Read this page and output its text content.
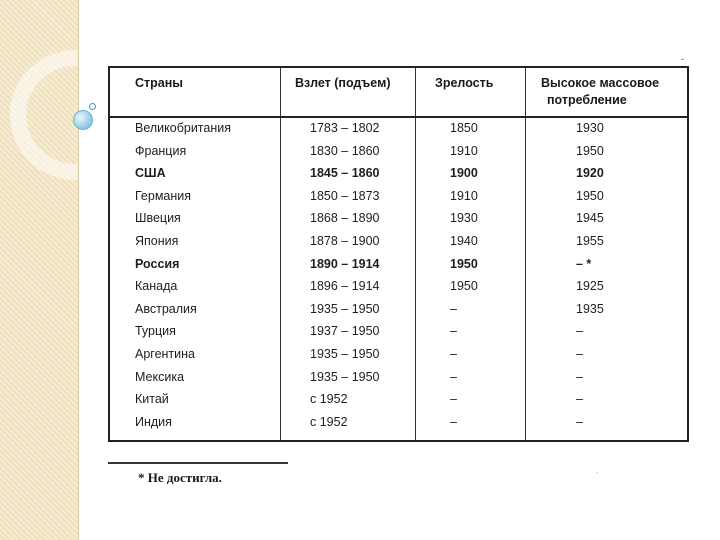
-
.
Страны	Взлет (подъем)	Зрелость	Высокое массовое
потребление
Великобритания	1783 – 1802	1850	1930
Франция	1830 – 1860	1910	1950
США	1845 – 1860	1900	1920
Германия	1850 – 1873	1910	1950
Швеция	1868 – 1890	1930	1945
Япония	1878 – 1900	1940	1955
Россия	1890 – 1914	1950	– *
Канада	1896 – 1914	1950	1925
Австралия	1935 – 1950	–	1935
Турция	1937 – 1950	–	–
Аргентина	1935 – 1950	–	–
Мексика	1935 – 1950	–	–
Китай	с 1952	–	–
Индия	с 1952	–	–
* Не достигла.
